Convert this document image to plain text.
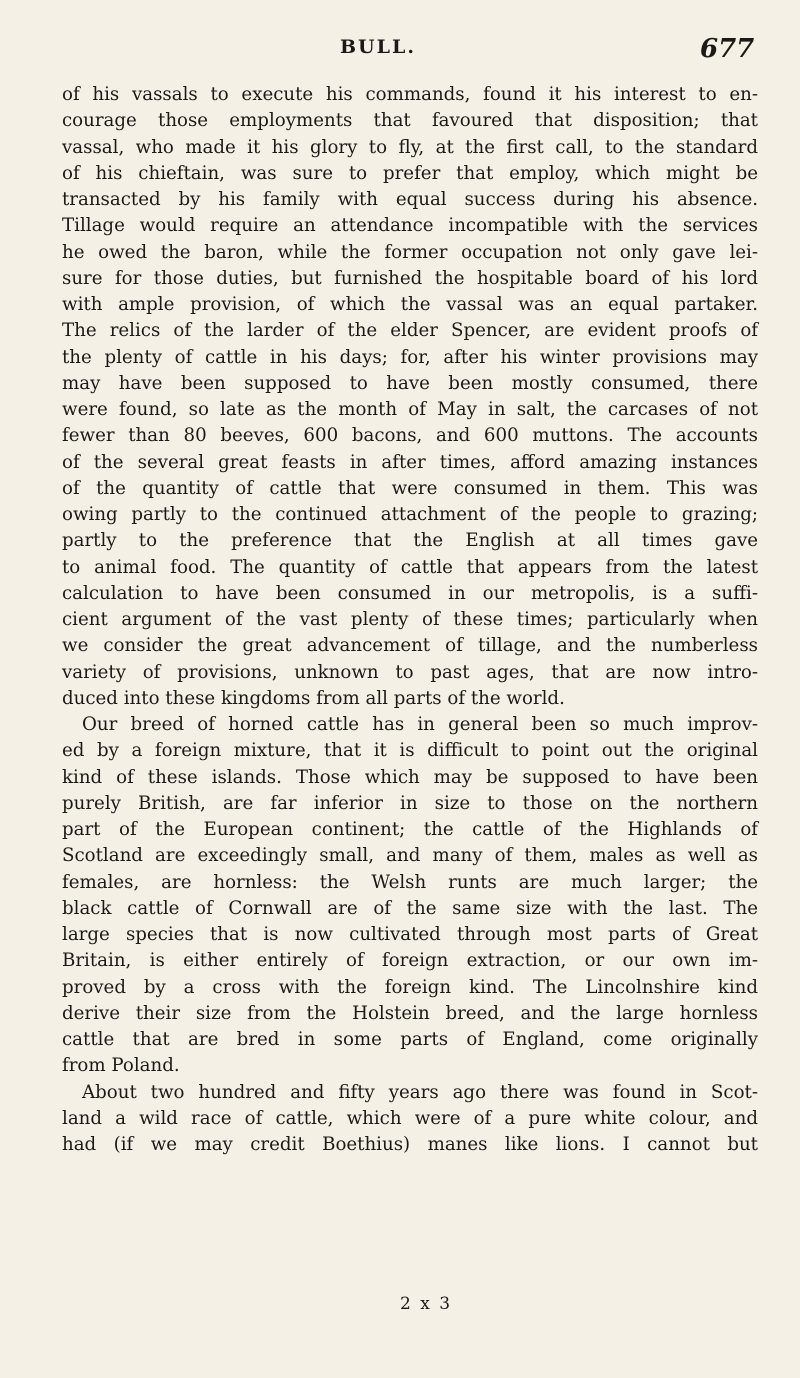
BULL.	677
of his vassals to execute his commands, found it his interest to en-
courage those employments that favoured that disposition; that
vassal, who made it his glory to fly, at the first call, to the standard
of his chieftain, was sure to prefer that employ, which might be
transacted by his family with equal success during his absence.
Tillage would require an attendance incompatible with the services
he owed the baron, while the former occupation not only gave lei-
sure for those duties, but furnished the hospitable board of his lord
with ample provision, of which the vassal was an equal partaker.
The relics of the larder of the elder Spencer, are evident proofs of
the plenty of cattle in his days; for, after his winter provisions may
may have been supposed to have been mostly consumed, there
were found, so late as the month of May in salt, the carcases of not
fewer than 80 beeves, 600 bacons, and 600 muttons. The accounts
of the several great feasts in after times, afford amazing instances
of the quantity of cattle that were consumed in them. This was
owing partly to the continued attachment of the people to grazing;
partly to the preference that the English at all times gave
to animal food. The quantity of cattle that appears from the latest
calculation to have been consumed in our metropolis, is a suffi-
cient argument of the vast plenty of these times; particularly when
we consider the great advancement of tillage, and the numberless
variety of provisions, unknown to past ages, that are now intro-
duced into these kingdoms from all parts of the world.
Our breed of horned cattle has in general been so much improv-
ed by a foreign mixture, that it is difficult to point out the original
kind of these islands. Those which may be supposed to have been
purely British, are far inferior in size to those on the northern
part of the European continent; the cattle of the Highlands of
Scotland are exceedingly small, and many of them, males as well as
females, are hornless: the Welsh runts are much larger; the
black cattle of Cornwall are of the same size with the last. The
large species that is now cultivated through most parts of Great
Britain, is either entirely of foreign extraction, or our own im-
proved by a cross with the foreign kind. The Lincolnshire kind
derive their size from the Holstein breed, and the large hornless
cattle that are bred in some parts of England, come originally
from Poland.
About two hundred and fifty years ago there was found in Scot-
land a wild race of cattle, which were of a pure white colour, and
had (if we may credit Boethius) manes like lions. I cannot but
2 x 3
